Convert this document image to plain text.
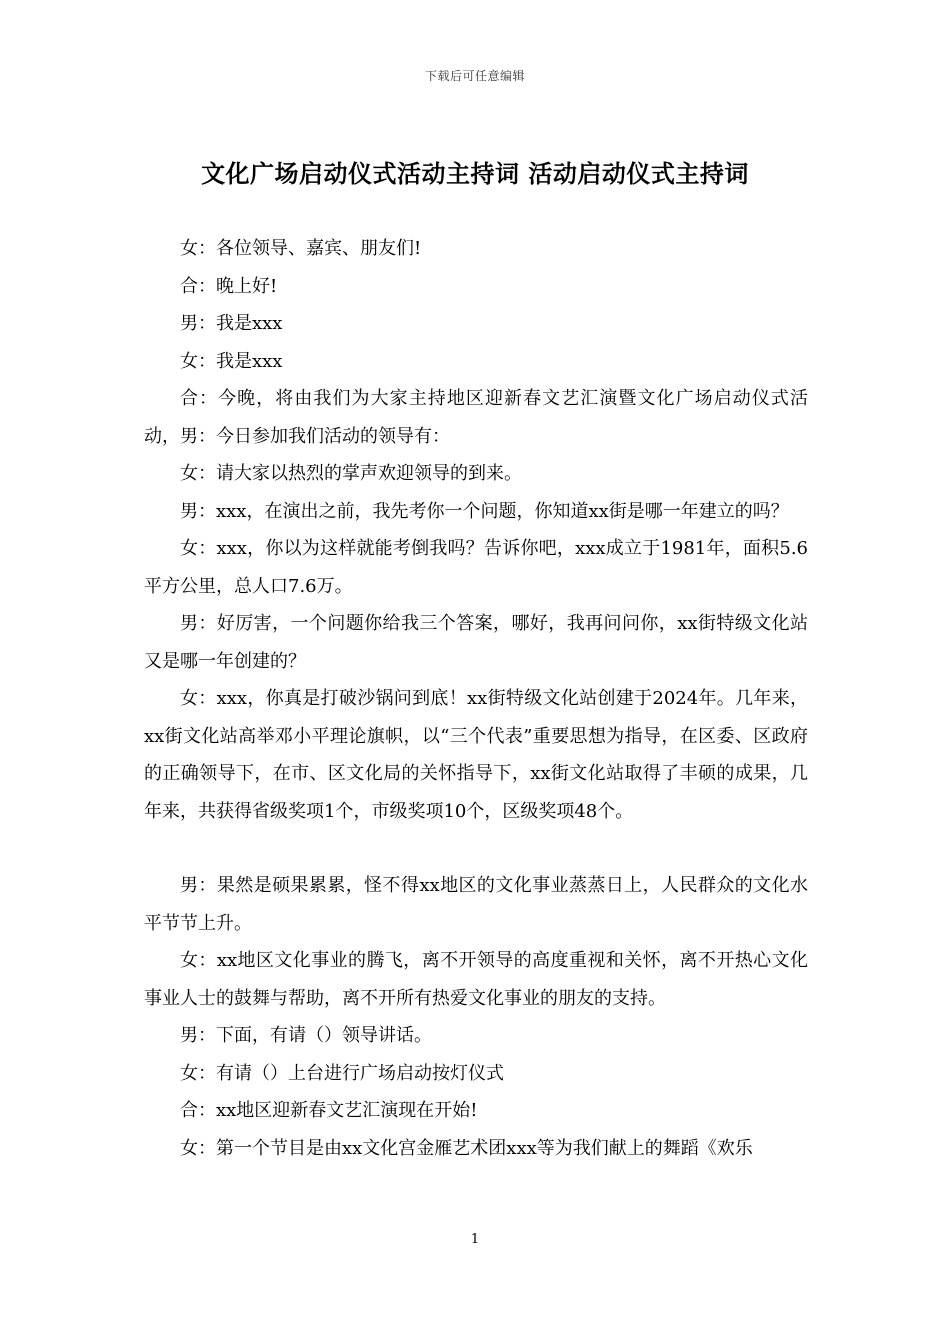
下载后可任意编辑
文化广场启动仪式活动主持词 活动启动仪式主持词

女：各位领导、嘉宾、朋友们!

合：晚上好!

男：我是xxx

女：我是xxx

合：今晚，将由我们为大家主持地区迎新春文艺汇演暨文化广场启动仪式活动，男：今日参加我们活动的领导有：

女：请大家以热烈的掌声欢迎领导的到来。

男：xxx，在演出之前，我先考你一个问题，你知道xx街是哪一年建立的吗？

女：xxx，你以为这样就能考倒我吗？告诉你吧，xxx成立于1981年，面积5.6平方公里，总人口7.6万。

男：好厉害，一个问题你给我三个答案，哪好，我再问问你，xx街特级文化站又是哪一年创建的？

女：xxx，你真是打破沙锅问到底！xx街特级文化站创建于2024年。几年来，xx街文化站高举邓小平理论旗帜，以“三个代表”重要思想为指导，在区委、区政府的正确领导下，在市、区文化局的关怀指导下，xx街文化站取得了丰硕的成果，几年来，共获得省级奖项1个，市级奖项10个，区级奖项48个。

男：果然是硕果累累，怪不得xx地区的文化事业蒸蒸日上，人民群众的文化水平节节上升。

女：xx地区文化事业的腾飞，离不开领导的高度重视和关怀，离不开热心文化事业人士的鼓舞与帮助，离不开所有热爱文化事业的朋友的支持。

男：下面，有请（）领导讲话。

女：有请（）上台进行广场启动按灯仪式

合：xx地区迎新春文艺汇演现在开始!

女：第一个节目是由xx文化宫金雁艺术团xxx等为我们献上的舞蹈《欢乐

1
